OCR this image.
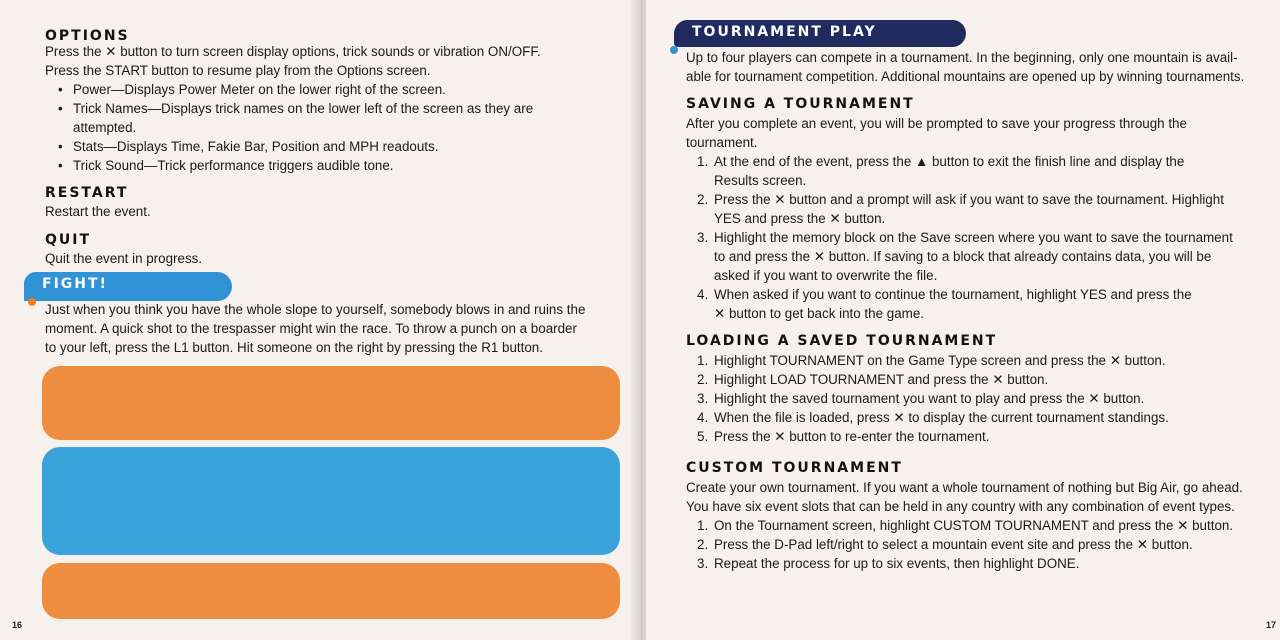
OPTIONS
Press the ✕ button to turn screen display options, trick sounds or vibration ON/OFF.
Press the START button to resume play from the Options screen.
• Power—Displays Power Meter on the lower right of the screen.
• Trick Names—Displays trick names on the lower left of the screen as they are
attempted.
• Stats—Displays Time, Fakie Bar, Position and MPH readouts.
• Trick Sound—Trick performance triggers audible tone.
RESTART
Restart the event.
QUIT
Quit the event in progress.
FIGHT!
Just when you think you have the whole slope to yourself, somebody blows in and ruins the
moment. A quick shot to the trespasser might win the race. To throw a punch on a boarder
to your left, press the L1 button. Hit someone on the right by pressing the R1 button.
16
TOURNAMENT PLAY
Up to four players can compete in a tournament. In the beginning, only one mountain is avail-
able for tournament competition. Additional mountains are opened up by winning tournaments.
SAVING A TOURNAMENT
After you complete an event, you will be prompted to save your progress through the
tournament.
1. At the end of the event, press the ▲ button to exit the finish line and display the
Results screen.
2. Press the ✕ button and a prompt will ask if you want to save the tournament. Highlight
YES and press the ✕ button.
3. Highlight the memory block on the Save screen where you want to save the tournament
to and press the ✕ button. If saving to a block that already contains data, you will be
asked if you want to overwrite the file.
4. When asked if you want to continue the tournament, highlight YES and press the
✕ button to get back into the game.
LOADING A SAVED TOURNAMENT
1. Highlight TOURNAMENT on the Game Type screen and press the ✕ button.
2. Highlight LOAD TOURNAMENT and press the ✕ button.
3. Highlight the saved tournament you want to play and press the ✕ button.
4. When the file is loaded, press ✕ to display the current tournament standings.
5. Press the ✕ button to re-enter the tournament.
CUSTOM TOURNAMENT
Create your own tournament. If you want a whole tournament of nothing but Big Air, go ahead.
You have six event slots that can be held in any country with any combination of event types.
1. On the Tournament screen, highlight CUSTOM TOURNAMENT and press the ✕ button.
2. Press the D-Pad left/right to select a mountain event site and press the ✕ button.
3. Repeat the process for up to six events, then highlight DONE.
17
